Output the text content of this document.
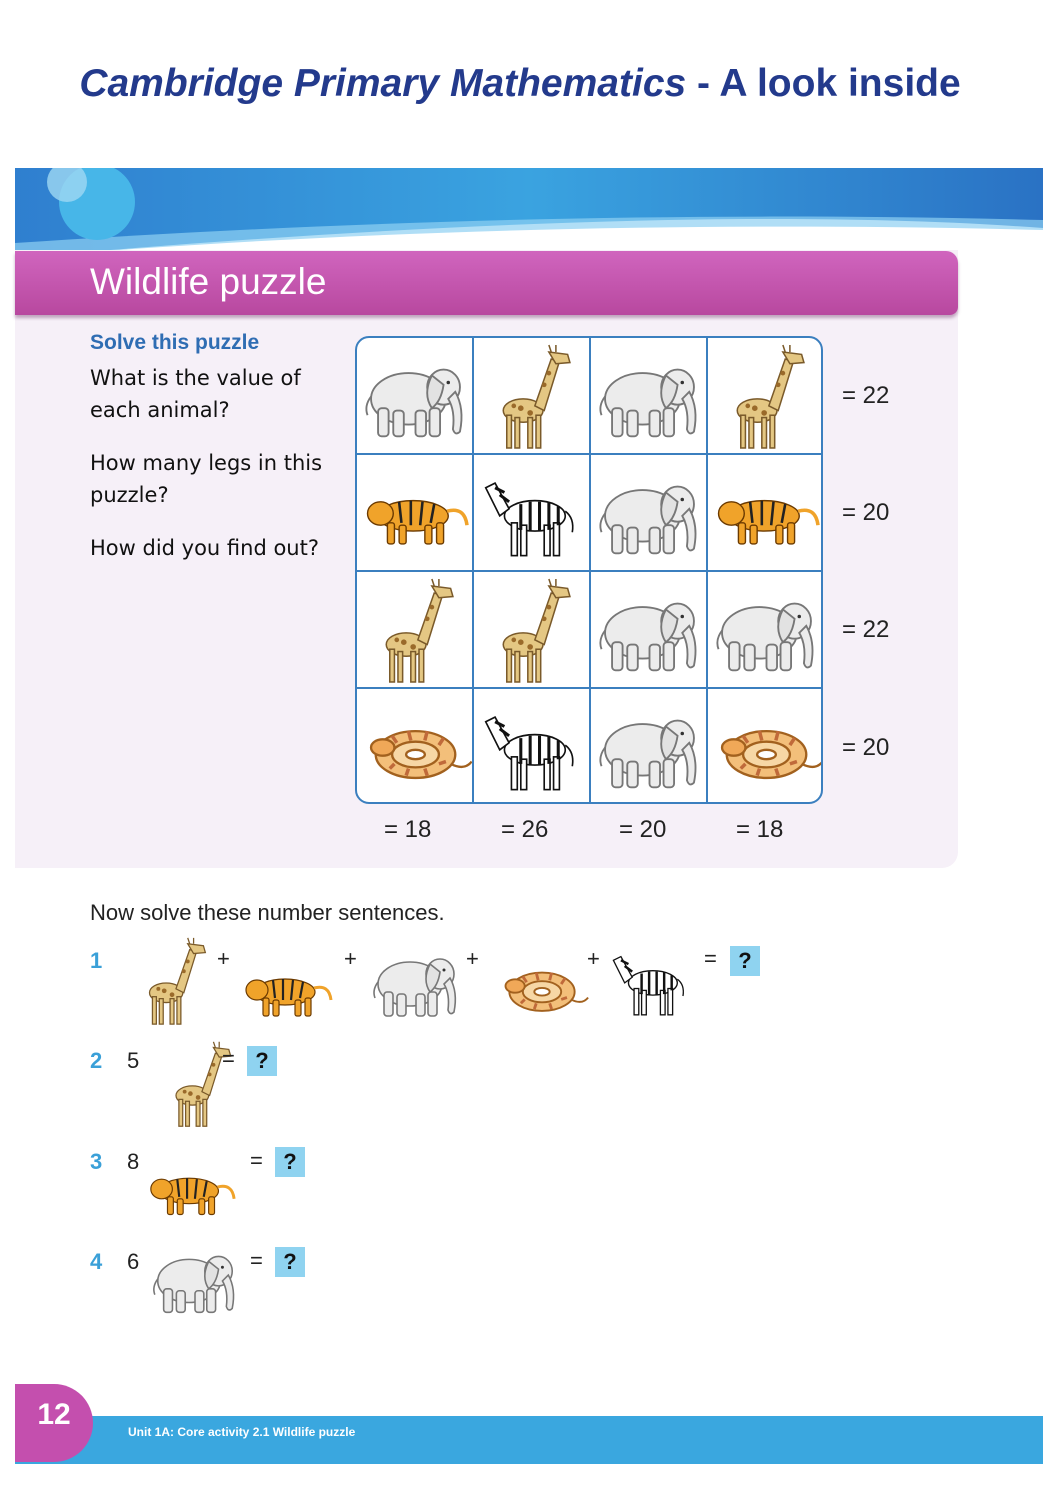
Cambridge Primary Mathematics - A look inside
Wildlife puzzle
Solve this puzzle
What is the value of
each animal?
How many legs in this
puzzle?
How did you find out?
= 22
= 20
= 22
= 20
= 18	= 26	= 20	= 18
Now solve these number sentences.
1	+	+	+	+	= ?
2 5	= ?
3 8	= ?
4 6	= ?
Unit 1A: Core activity 2.1 Wildlife puzzle
12
